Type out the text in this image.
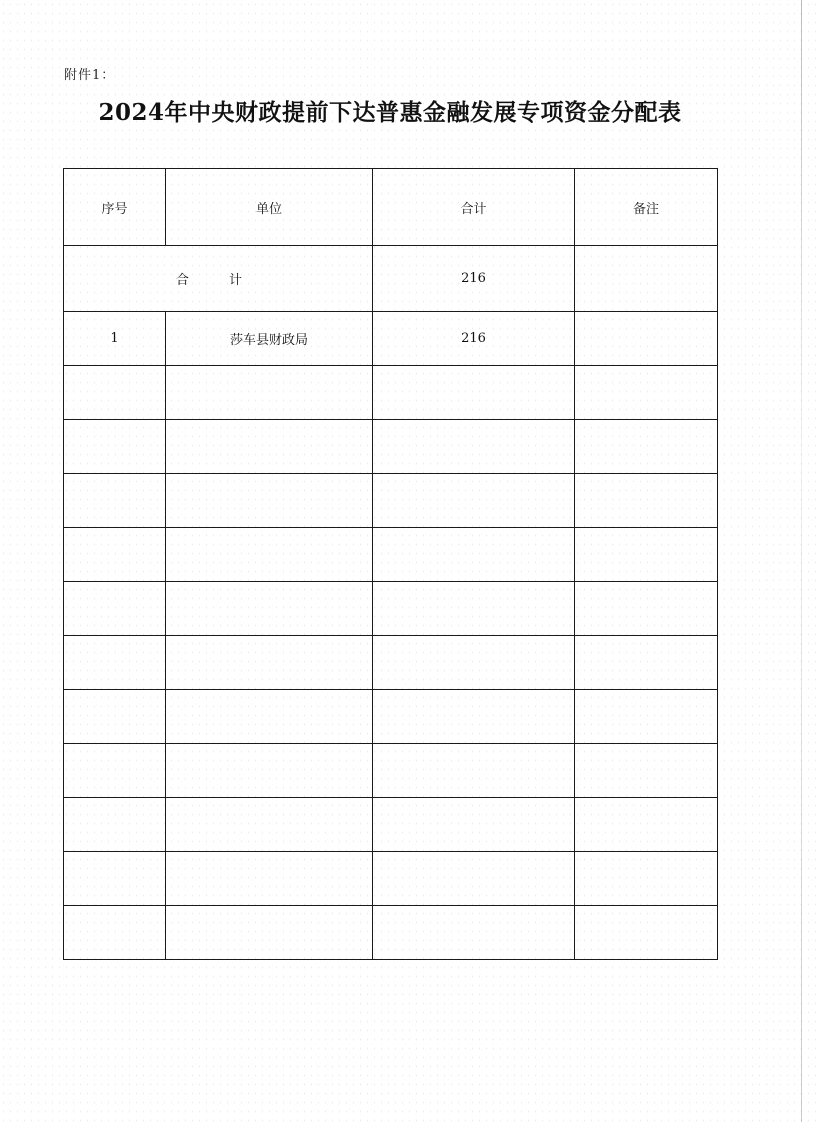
附件1：
2024年中央财政提前下达普惠金融发展专项资金分配表
序号	单位	合计	备注
合 计		216	
1	莎车县财政局	216	
